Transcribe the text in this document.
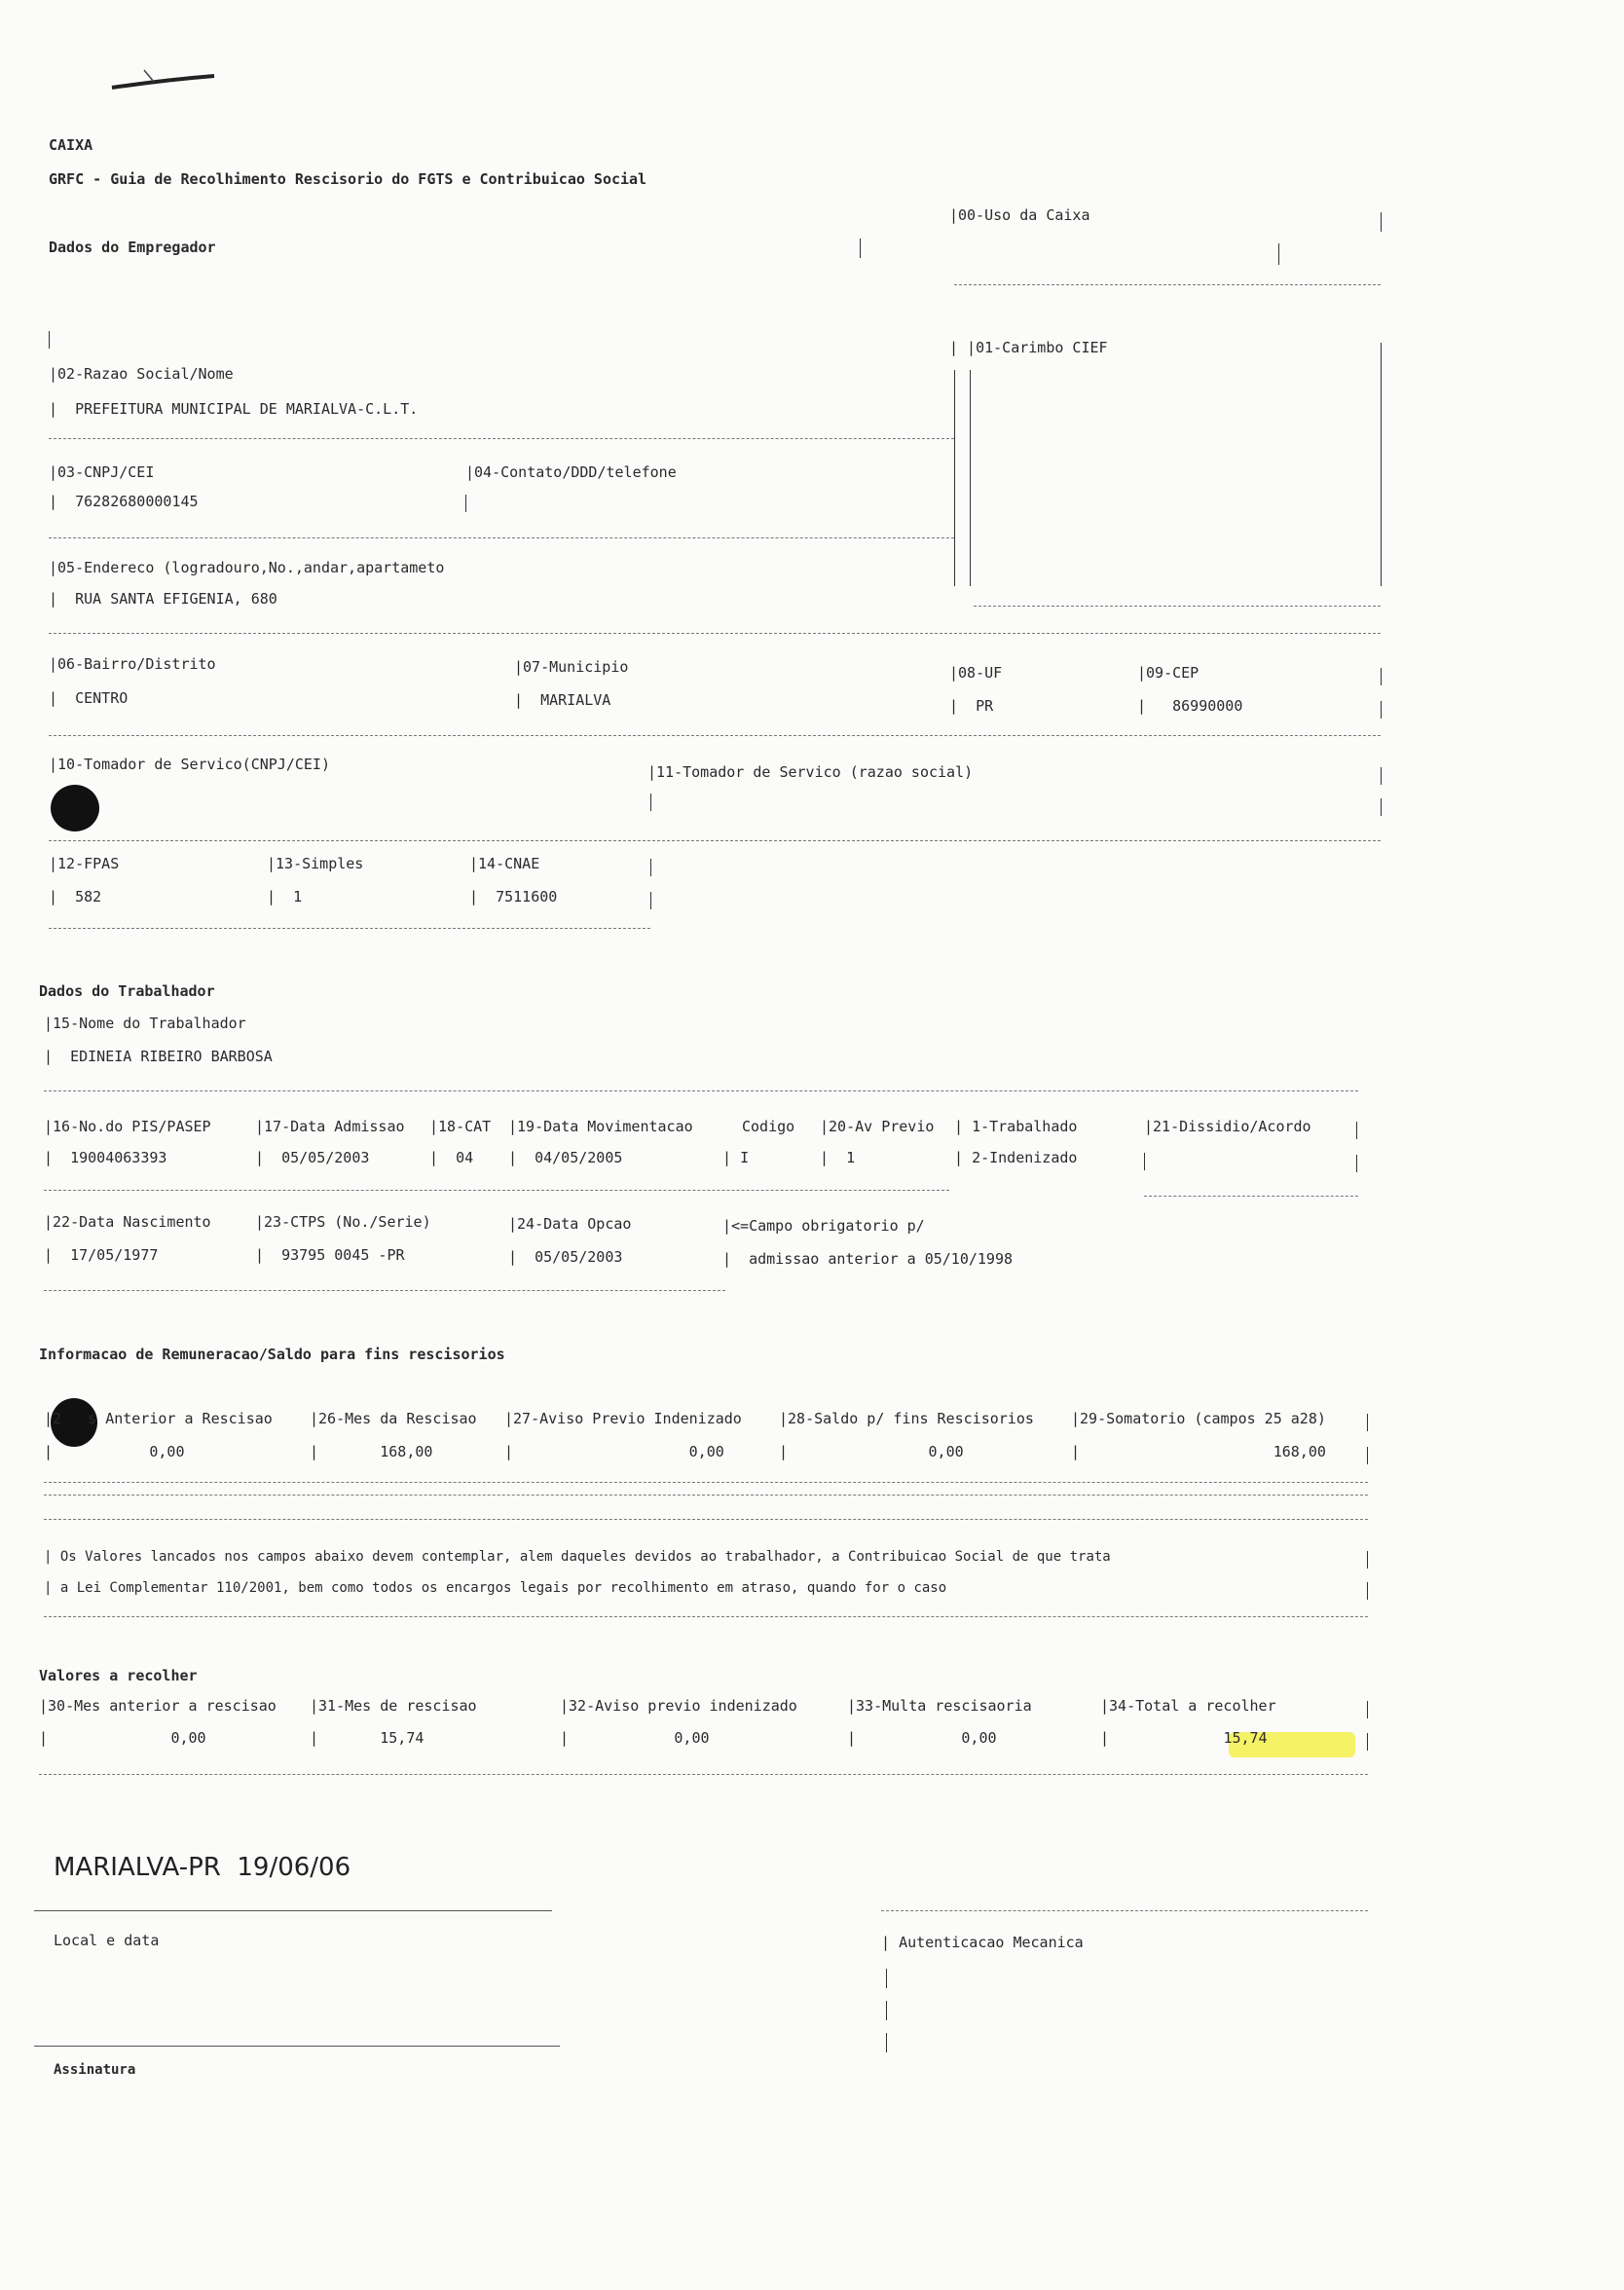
CAIXA
GRFC - Guia de Recolhimento Rescisorio do FGTS e Contribuicao Social
Dados do Empregador
|00-Uso da Caixa
| |01-Carimbo CIEF
|02-Razao Social/Nome
|  PREFEITURA MUNICIPAL DE MARIALVA-C.L.T.
|03-CNPJ/CEI
|  76282680000145
|04-Contato/DDD/telefone
|05-Endereco (logradouro,No.,andar,apartameto
|  RUA SANTA EFIGENIA, 680
|06-Bairro/Distrito
|  CENTRO
|07-Municipio
|  MARIALVA
|08-UF
|  PR
|09-CEP
|   86990000
|10-Tomador de Servico(CNPJ/CEI)	|11-Tomador de Servico (razao social)
|12-FPAS
|  582
|13-Simples
|  1
|14-CNAE
|  7511600
Dados do Trabalhador
|15-Nome do Trabalhador
|  EDINEIA RIBEIRO BARBOSA
|16-No.do PIS/PASEP
|  19004063393
|17-Data Admissao
|  05/05/2003
|18-CAT
|  04
|19-Data Movimentacao
|  04/05/2005
Codigo
| I
|20-Av Previo
|  1
| 1-Trabalhado
| 2-Indenizado
|21-Dissidio/Acordo
|22-Data Nascimento
|  17/05/1977
|23-CTPS (No./Serie)
|  93795 0045 -PR
|24-Data Opcao
|  05/05/2003
|<=Campo obrigatorio p/
|  admissao anterior a 05/10/1998
Informacao de Remuneracao/Saldo para fins rescisorios
|2   s Anterior a Rescisao
|           0,00
|26-Mes da Rescisao
|       168,00
|27-Aviso Previo Indenizado
|                    0,00
|28-Saldo p/ fins Rescisorios
|                0,00
|29-Somatorio (campos 25 a28)
|                      168,00
| Os Valores lancados nos campos abaixo devem contemplar, alem daqueles devidos ao trabalhador, a Contribuicao Social de que trata
| a Lei Complementar 110/2001, bem como todos os encargos legais por recolhimento em atraso, quando for o caso
Valores a recolher
|30-Mes anterior a rescisao
|              0,00
|31-Mes de rescisao
|       15,74
|32-Aviso previo indenizado
|            0,00
|33-Multa rescisaoria
|            0,00
|34-Total a recolher
|             15,74
MARIALVA-PR  19/06/06
Local e data	| Autenticacao Mecanica
Assinatura
